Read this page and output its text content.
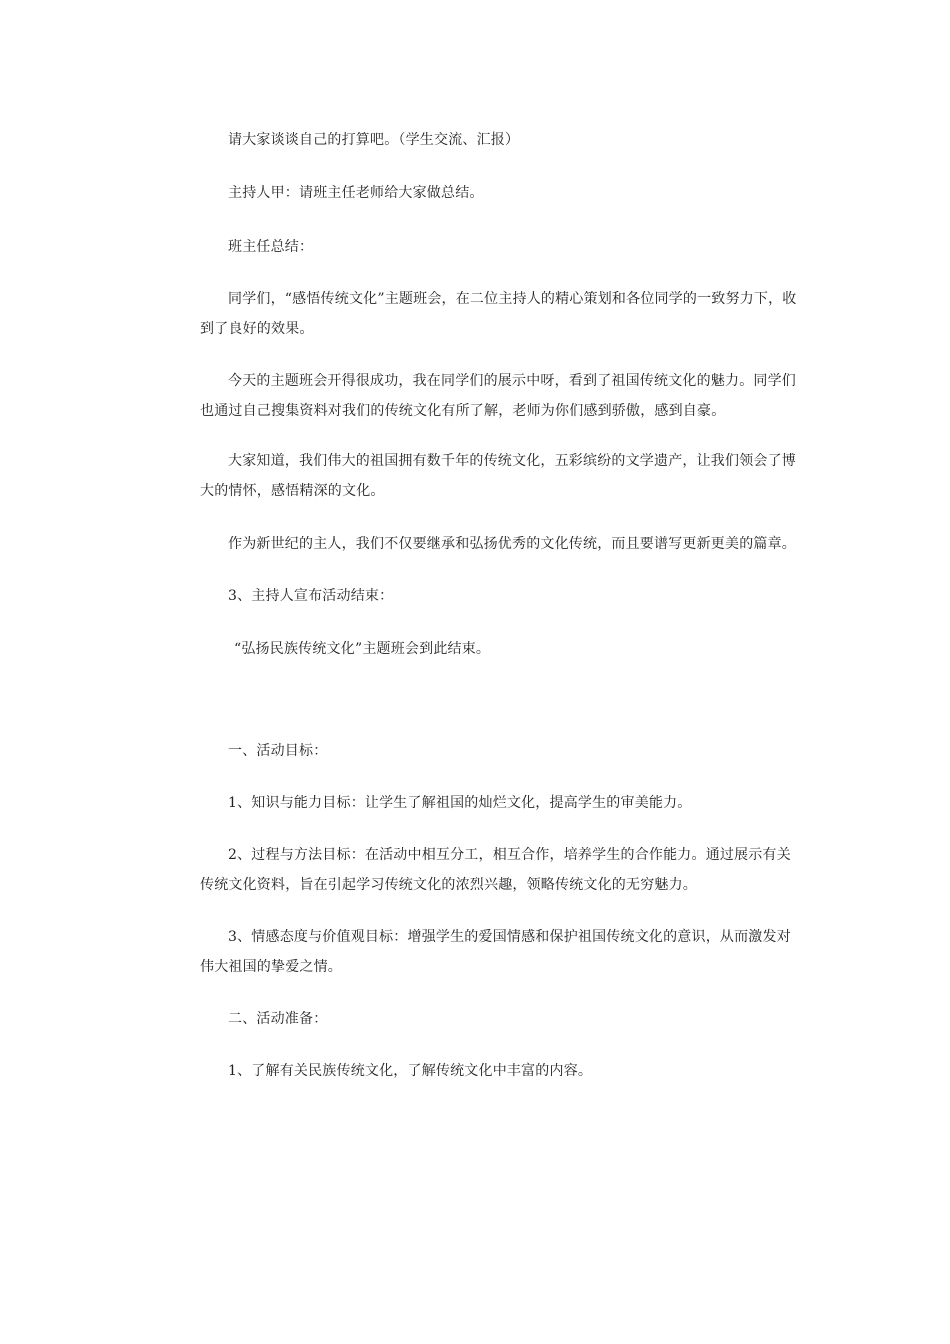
请大家谈谈自己的打算吧。（学生交流、汇报）

主持人甲：请班主任老师给大家做总结。

班主任总结：

同学们，“感悟传统文化”主题班会，在二位主持人的精心策划和各位同学的一致努力下，收到了良好的效果。

今天的主题班会开得很成功，我在同学们的展示中呀，看到了祖国传统文化的魅力。同学们也通过自己搜集资料对我们的传统文化有所了解，老师为你们感到骄傲，感到自豪。

大家知道，我们伟大的祖国拥有数千年的传统文化，五彩缤纷的文学遗产，让我们领会了博大的情怀，感悟精深的文化。

作为新世纪的主人，我们不仅要继承和弘扬优秀的文化传统，而且要谱写更新更美的篇章。

3、主持人宣布活动结束：

“弘扬民族传统文化”主题班会到此结束。

一、活动目标：

1、知识与能力目标：让学生了解祖国的灿烂文化，提高学生的审美能力。

2、过程与方法目标：在活动中相互分工，相互合作，培养学生的合作能力。通过展示有关传统文化资料，旨在引起学习传统文化的浓烈兴趣，领略传统文化的无穷魅力。

3、情感态度与价值观目标：增强学生的爱国情感和保护祖国传统文化的意识，从而激发对伟大祖国的挚爱之情。

二、活动准备：

1、了解有关民族传统文化，了解传统文化中丰富的内容。
